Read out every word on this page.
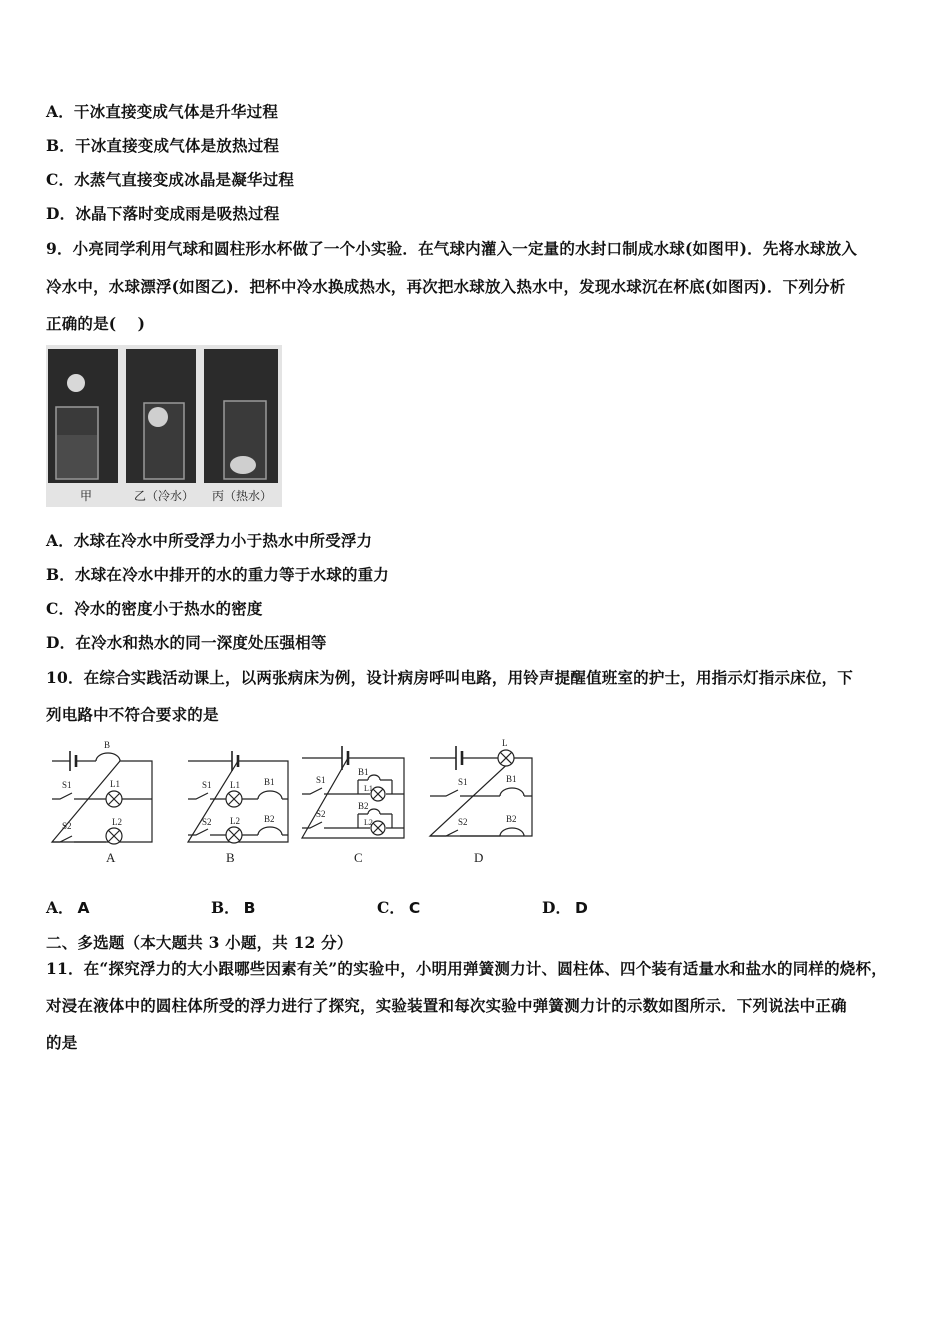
A．干冰直接变成气体是升华过程
B．干冰直接变成气体是放热过程
C．水蒸气直接变成冰晶是凝华过程
D．冰晶下落时变成雨是吸热过程
9．小亮同学利用气球和圆柱形水杯做了一个小实验．在气球内灌入一定量的水封口制成水球(如图甲)．先将水球放入
冷水中，水球漂浮(如图乙)．把杯中冷水换成热水，再次把水球放入热水中，发现水球沉在杯底(如图丙)．下列分析
正确的是(　 )
甲	乙（冷水） 丙（热水）
A．水球在冷水中所受浮力小于热水中所受浮力
B．水球在冷水中排开的水的重力等于水球的重力
C．冷水的密度小于热水的密度
D．在冷水和热水的同一深度处压强相等
10．在综合实践活动课上，以两张病床为例，设计病房呼叫电路，用铃声提醒值班室的护士，用指示灯指示床位，下
列电路中不符合要求的是
B
S1	L1
S2	L2
A
S1 L1	B1
S2 L2	B2
B
S1
B1
L1
S2
B2
L2
C
L
S1	B1
S2	B2
D
A． A	B． B	C． C	D． D
二、多选题（本大题共 3 小题，共 12 分）
11．在“探究浮力的大小跟哪些因素有关”的实验中，小明用弹簧测力计、圆柱体、四个装有适量水和盐水的同样的烧杯，
对浸在液体中的圆柱体所受的浮力进行了探究，实验装置和每次实验中弹簧测力计的示数如图所示．下列说法中正确
的是
